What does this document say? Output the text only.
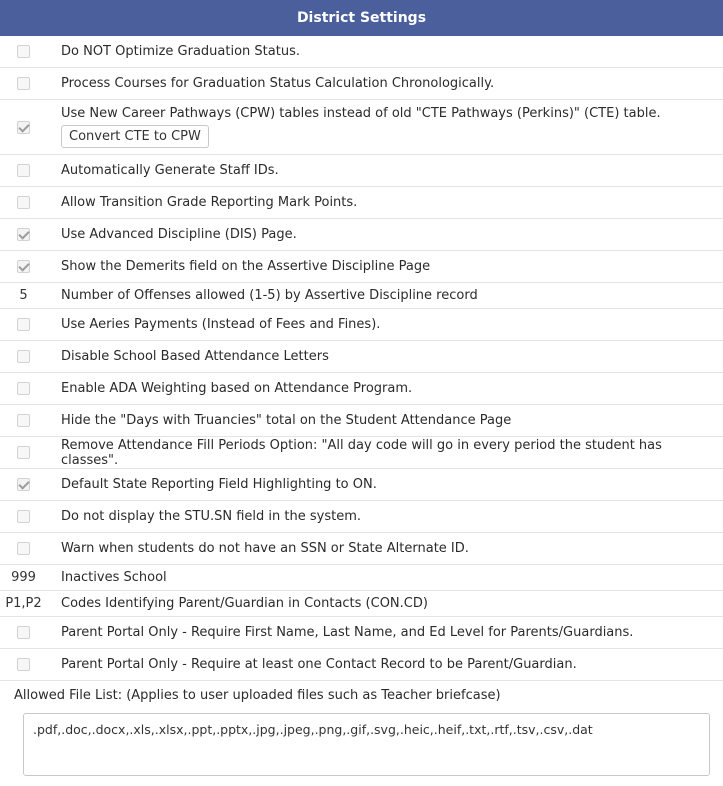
District Settings
Do NOT Optimize Graduation Status.
Process Courses for Graduation Status Calculation Chronologically.
Use New Career Pathways (CPW) tables instead of old "CTE Pathways (Perkins)" (CTE) table.
Convert CTE to CPW
Automatically Generate Staff IDs.
Allow Transition Grade Reporting Mark Points.
Use Advanced Discipline (DIS) Page.
Show the Demerits field on the Assertive Discipline Page
5	Number of Offenses allowed (1-5) by Assertive Discipline record
Use Aeries Payments (Instead of Fees and Fines).
Disable School Based Attendance Letters
Enable ADA Weighting based on Attendance Program.
Hide the "Days with Truancies" total on the Student Attendance Page
Remove Attendance Fill Periods Option: "All day code will go in every period the student has classes".
Default State Reporting Field Highlighting to ON.
Do not display the STU.SN field in the system.
Warn when students do not have an SSN or State Alternate ID.
999 Inactives School
P1,P2 Codes Identifying Parent/Guardian in Contacts (CON.CD)
Parent Portal Only - Require First Name, Last Name, and Ed Level for Parents/Guardians.
Parent Portal Only - Require at least one Contact Record to be Parent/Guardian.
Allowed File List: (Applies to user uploaded files such as Teacher briefcase)
.pdf,.doc,.docx,.xls,.xlsx,.ppt,.pptx,.jpg,.jpeg,.png,.gif,.svg,.heic,.heif,.txt,.rtf,.tsv,.csv,.dat
